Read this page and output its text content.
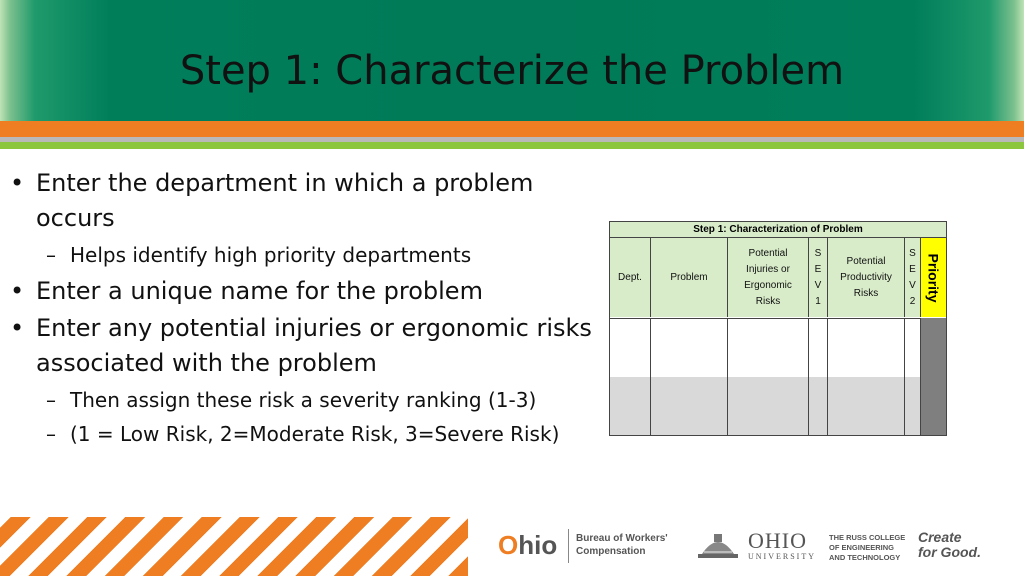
Step 1: Characterize the Problem
• Enter the department in which a problem
occurs
– Helps identify high priority departments
• Enter a unique name for the problem
• Enter any potential injuries or ergonomic risks
associated with the problem
– Then assign these risk a severity ranking (1-3)
– (1 = Low Risk, 2=Moderate Risk, 3=Severe Risk)
Step 1: Characterization of Problem
Dept.	Problem
Potential
Injuries or
Ergonomic
Risks
S
E
V
1
Potential
Productivity
Risks
S
E
V
2 Priority
Ohio Bureau of Workers'
Compensation	OHIO
UNIVERSITY
THE RUSS COLLEGE
OF ENGINEERING
AND TECHNOLOGY
Create
for Good.
